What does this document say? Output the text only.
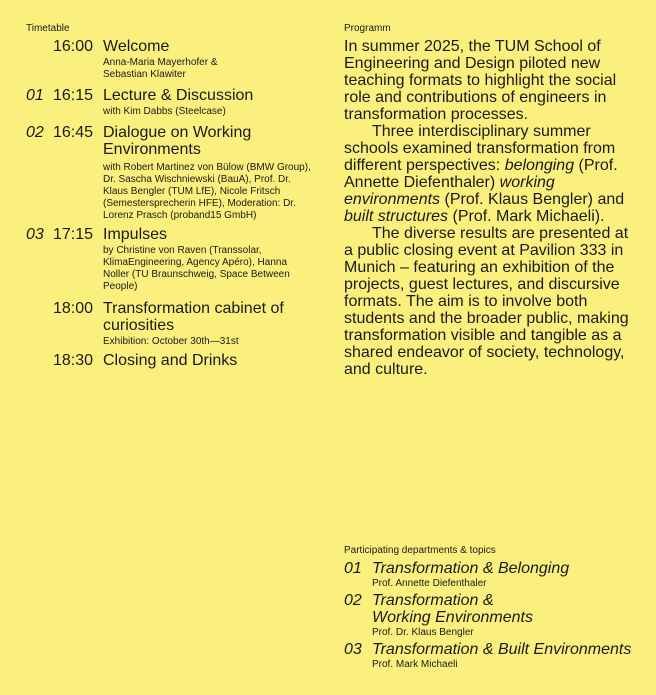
Timetable
16:00 Welcome
Anna-Maria Mayerhofer & Sebastian Klawiter
01 16:15 Lecture & Discussion
with Kim Dabbs (Steelcase)
02 16:45 Dialogue on Working Environments
with Robert Martinez von Bülow (BMW Group), Dr. Sascha Wischniewski (BauA), Prof. Dr. Klaus Bengler (TUM LfE), Nicole Fritsch (Semestersprecherin HFE), Moderation: Dr. Lorenz Prasch (proband15 GmbH)
03 17:15 Impulses
by Christine von Raven (Transsolar, KlimaEngineering, Agency Apéro), Hanna Noller (TU Braunschweig, Space Between People)
18:00 Transformation cabinet of curiosities
Exhibition: October 30th—31st
18:30 Closing and Drinks
Programm

In summer 2025, the TUM School of Engineering and Design piloted new teaching formats to highlight the social role and contributions of engineers in transformation processes.

Three interdisciplinary summer schools examined transformation from different perspectives: belonging (Prof. Annette Diefenthaler) working environments (Prof. Klaus Bengler) and built structures (Prof. Mark Michaeli).

The diverse results are presented at a public closing event at Pavilion 333 in Munich – featuring an exhibition of the projects, guest lectures, and discursive formats. The aim is to involve both students and the broader public, making transformation visible and tangible as a shared endeavor of society, technology, and culture.

Participating departments & topics
01 Transformation & Belonging
Prof. Annette Diefenthaler
02 Transformation & Working Environments
Prof. Dr. Klaus Bengler
03 Transformation & Built Environments
Prof. Mark Michaeli
